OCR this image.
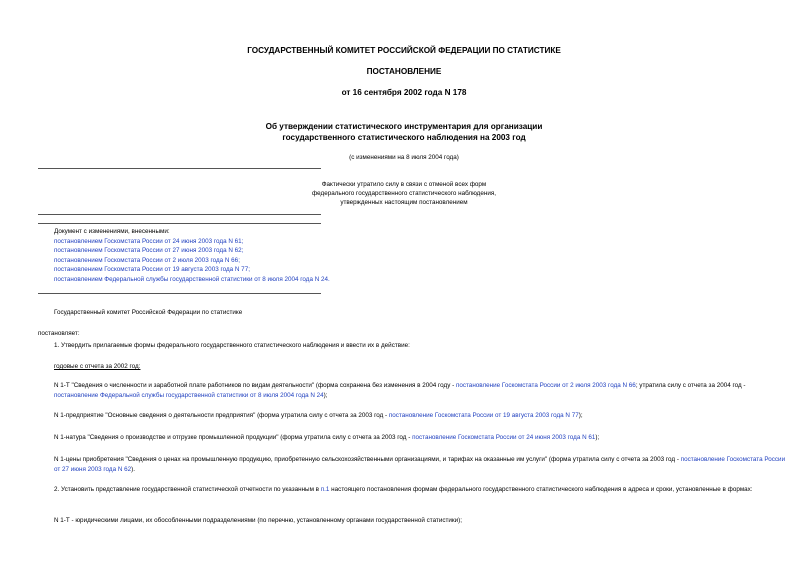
ГОСУДАРСТВЕННЫЙ КОМИТЕТ РОССИЙСКОЙ ФЕДЕРАЦИИ ПО СТАТИСТИКЕ
ПОСТАНОВЛЕНИЕ
от 16 сентября 2002 года N 178
Об утверждении статистического инструментария для организации
государственного статистического наблюдения на 2003 год
(с изменениями на 8 июля 2004 года)
Фактически утратило силу в связи с отменой всех форм
федерального государственного статистического наблюдения,
утвержденных настоящим постановлением
Документ с изменениями, внесенными:
постановлением Госкомстата России от 24 июня 2003 года N 61;
постановлением Госкомстата России от 27 июня 2003 года N 62;
постановлением Госкомстата России от 2 июля 2003 года N 66;
постановлением Госкомстата России от 19 августа 2003 года N 77;
постановлением Федеральной службы государственной статистики от 8 июля 2004 года N 24.
Государственный комитет Российской Федерации по статистике
постановляет:
1. Утвердить прилагаемые формы федерального государственного статистического наблюдения и ввести их в действие:
годовые с отчета за 2002 год:
N 1-Т "Сведения о численности и заработной плате работников по видам деятельности" (форма сохранена без изменения в 2004 году - постановление Госкомстата России от 2 июля 2003 года N 66; утратила силу с отчета за 2004 год - постановление Федеральной службы государственной статистики от 8 июля 2004 года N 24);
N 1-предприятие "Основные сведения о деятельности предприятия" (форма утратила силу с отчета за 2003 год - постановление Госкомстата России от 19 августа 2003 года N 77);
N 1-натура "Сведения о производстве и отгрузке промышленной продукции" (форма утратила силу с отчета за 2003 год - постановление Госкомстата России от 24 июня 2003 года N 61);
N 1-цены приобретения "Сведения о ценах на промышленную продукцию, приобретенную сельскохозяйственными организациями, и тарифах на оказанные им услуги" (форма утратила силу с отчета за 2003 год - постановление Госкомстата России от 27 июня 2003 года N 62).
2. Установить представление государственной статистической отчетности по указанным в п.1 настоящего постановления формам федерального государственного статистического наблюдения в адреса и сроки, установленные в формах:
N 1-Т - юридическими лицами, их обособленными подразделениями (по перечню, установленному органами государственной статистики);
